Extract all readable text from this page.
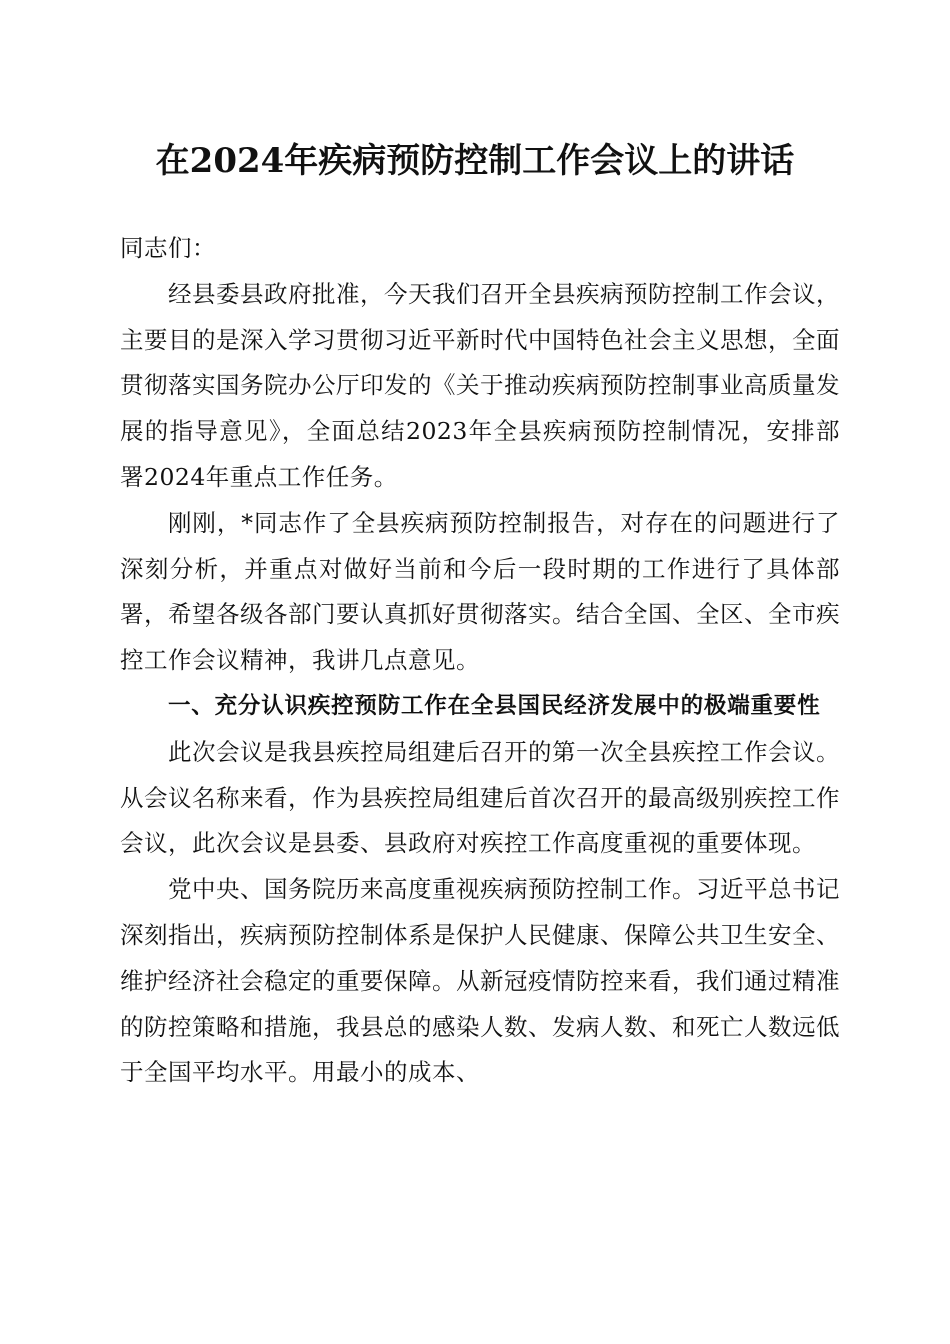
在2024年疾病预防控制工作会议上的讲话

同志们：

经县委县政府批准，今天我们召开全县疾病预防控制工作会议，主要目的是深入学习贯彻习近平新时代中国特色社会主义思想，全面贯彻落实国务院办公厅印发的《关于推动疾病预防控制事业高质量发展的指导意见》，全面总结2023年全县疾病预防控制情况，安排部署2024年重点工作任务。

刚刚，*同志作了全县疾病预防控制报告，对存在的问题进行了深刻分析，并重点对做好当前和今后一段时期的工作进行了具体部署，希望各级各部门要认真抓好贯彻落实。结合全国、全区、全市疾控工作会议精神，我讲几点意见。

一、充分认识疾控预防工作在全县国民经济发展中的极端重要性

此次会议是我县疾控局组建后召开的第一次全县疾控工作会议。从会议名称来看，作为县疾控局组建后首次召开的最高级别疾控工作会议，此次会议是县委、县政府对疾控工作高度重视的重要体现。

党中央、国务院历来高度重视疾病预防控制工作。习近平总书记深刻指出，疾病预防控制体系是保护人民健康、保障公共卫生安全、维护经济社会稳定的重要保障。从新冠疫情防控来看，我们通过精准的防控策略和措施，我县总的感染人数、发病人数、和死亡人数远低于全国平均水平。用最小的成本、
